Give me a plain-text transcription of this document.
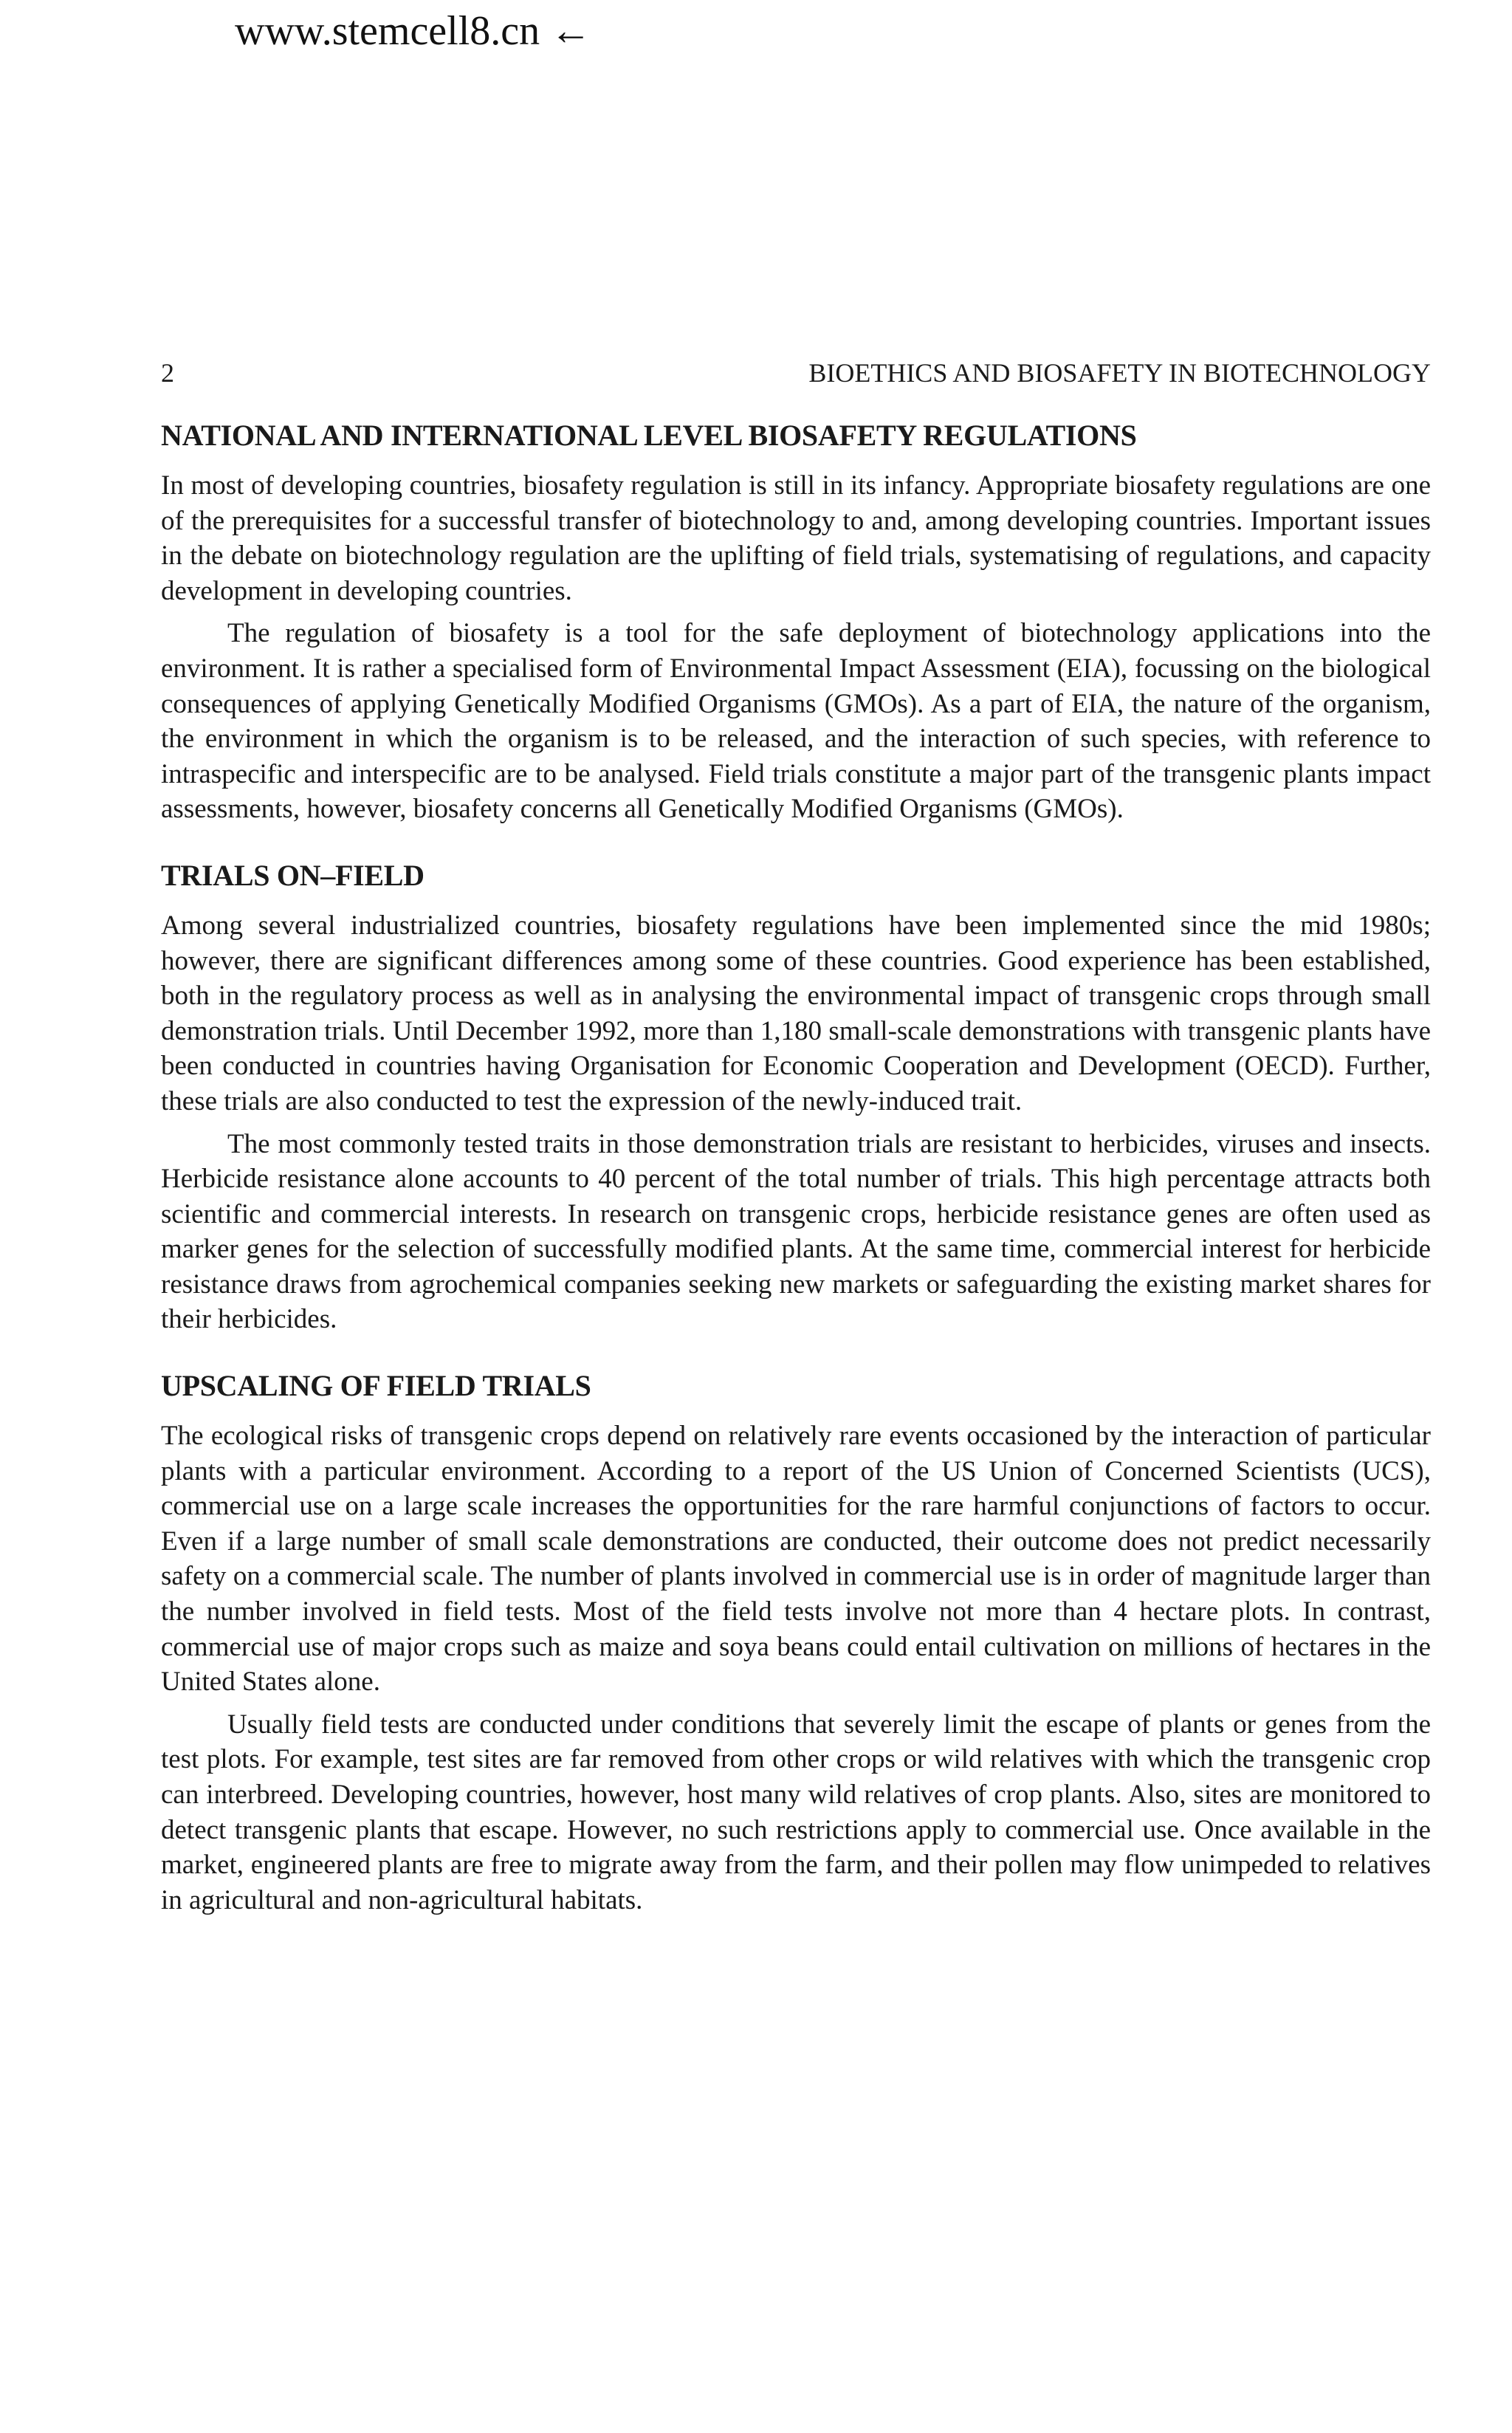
www.stemcell8.cn ←
2	BIOETHICS AND BIOSAFETY IN BIOTECHNOLOGY
NATIONAL AND INTERNATIONAL LEVEL BIOSAFETY REGULATIONS

In most of developing countries, biosafety regulation is still in its infancy. Appropriate biosafety regulations are one of the prerequisites for a successful transfer of biotechnology to and, among developing countries. Important issues in the debate on biotechnology regulation are the uplifting of field trials, systematising of regulations, and capacity development in developing countries.

The regulation of biosafety is a tool for the safe deployment of biotechnology applications into the environment. It is rather a specialised form of Environmental Impact Assessment (EIA), focussing on the biological consequences of applying Genetically Modified Organisms (GMOs). As a part of EIA, the nature of the organism, the environment in which the organism is to be released, and the interaction of such species, with reference to intraspecific and interspecific are to be analysed. Field trials constitute a major part of the transgenic plants impact assessments, however, biosafety concerns all Genetically Modified Organisms (GMOs).

TRIALS ON–FIELD

Among several industrialized countries, biosafety regulations have been implemented since the mid 1980s; however, there are significant differences among some of these countries. Good experience has been established, both in the regulatory process as well as in analysing the environmental impact of transgenic crops through small demonstration trials. Until December 1992, more than 1,180 small-scale demonstrations with transgenic plants have been conducted in countries having Organisation for Economic Cooperation and Development (OECD). Further, these trials are also conducted to test the expression of the newly-induced trait.

The most commonly tested traits in those demonstration trials are resistant to herbicides, viruses and insects. Herbicide resistance alone accounts to 40 percent of the total number of trials. This high percentage attracts both scientific and commercial interests. In research on transgenic crops, herbicide resistance genes are often used as marker genes for the selection of successfully modified plants. At the same time, commercial interest for herbicide resistance draws from agrochemical companies seeking new markets or safeguarding the existing market shares for their herbicides.

UPSCALING OF FIELD TRIALS

The ecological risks of transgenic crops depend on relatively rare events occasioned by the interaction of particular plants with a particular environment. According to a report of the US Union of Concerned Scientists (UCS), commercial use on a large scale increases the opportunities for the rare harmful conjunctions of factors to occur. Even if a large number of small scale demonstrations are conducted, their outcome does not predict necessarily safety on a commercial scale. The number of plants involved in commercial use is in order of magnitude larger than the number involved in field tests. Most of the field tests involve not more than 4 hectare plots. In contrast, commercial use of major crops such as maize and soya beans could entail cultivation on millions of hectares in the United States alone.

Usually field tests are conducted under conditions that severely limit the escape of plants or genes from the test plots. For example, test sites are far removed from other crops or wild relatives with which the transgenic crop can interbreed. Developing countries, however, host many wild relatives of crop plants. Also, sites are monitored to detect transgenic plants that escape. However, no such restrictions apply to commercial use. Once available in the market, engineered plants are free to migrate away from the farm, and their pollen may flow unimpeded to relatives in agricultural and non-agricultural habitats.
